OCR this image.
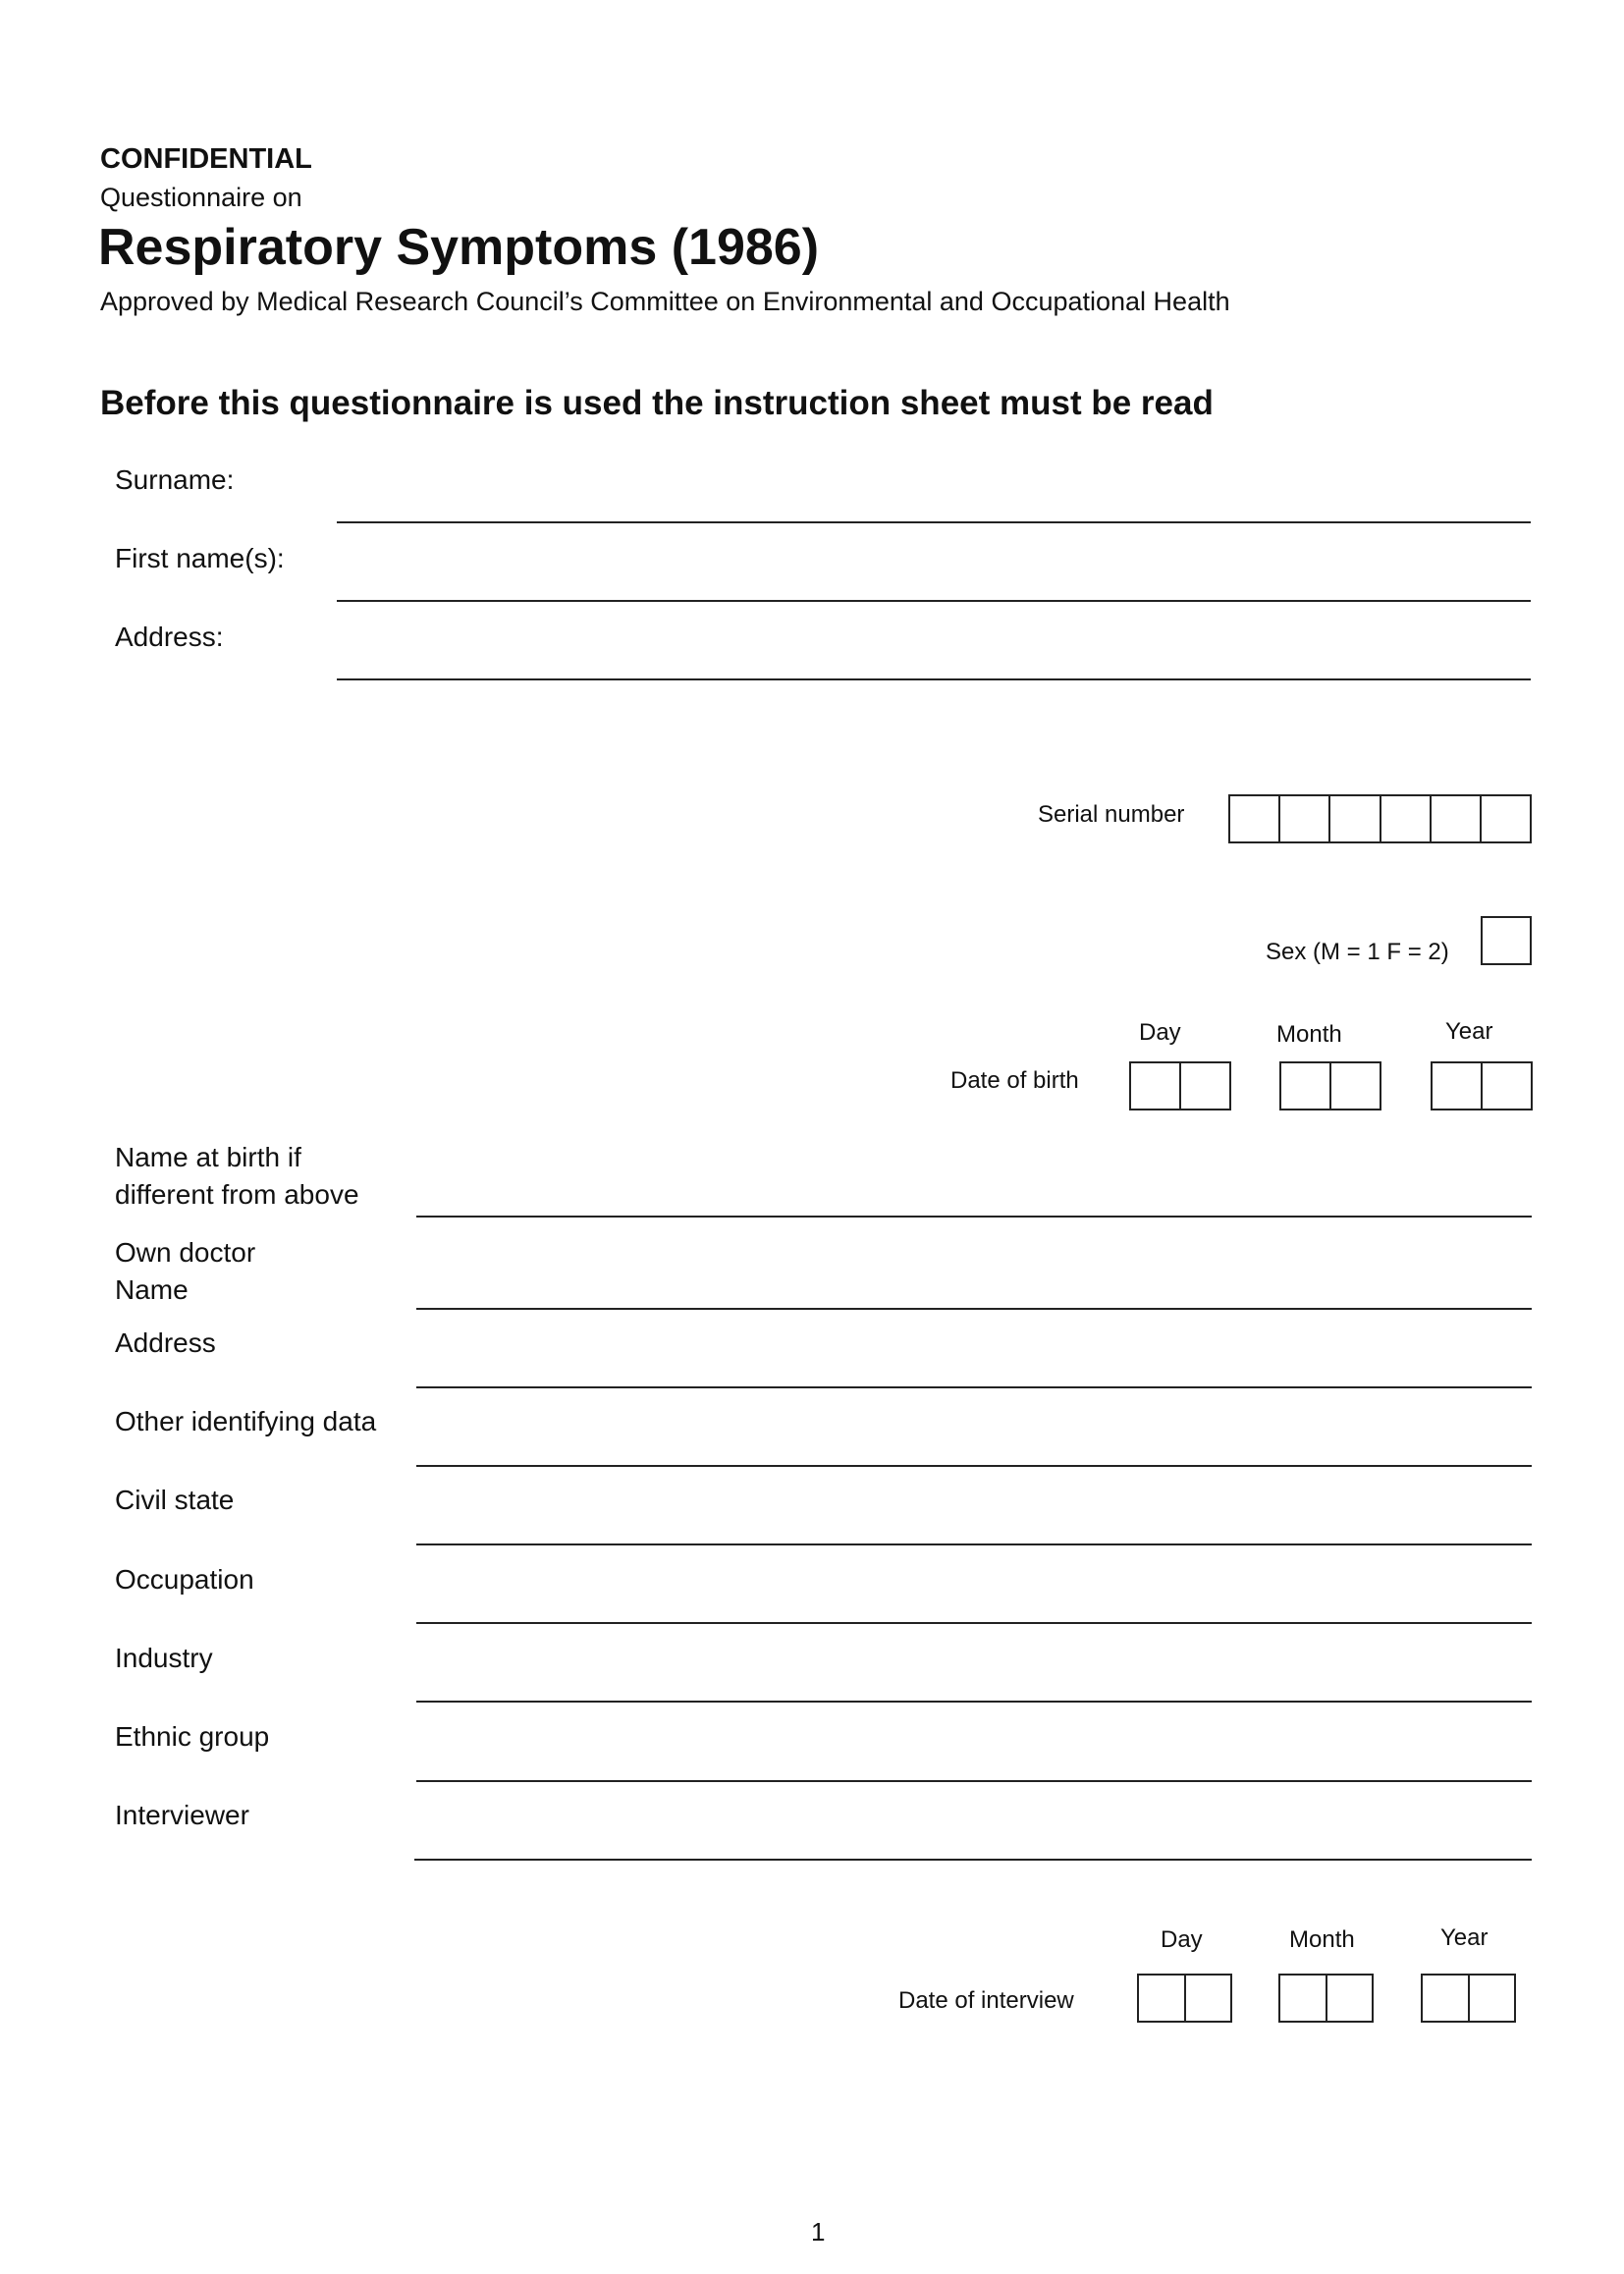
CONFIDENTIAL
Questionnaire on
Respiratory Symptoms (1986)
Approved by Medical Research Council’s Committee on Environmental and Occupational Health
Before this questionnaire is used the instruction sheet must be read
Surname:
First name(s):
Address:
Serial number
Sex (M = 1 F = 2)
Day	Month	Year
Date of birth
Name at birth if
different from above
Own doctor
Name
Address
Other identifying data
Civil state
Occupation
Industry
Ethnic group
Interviewer
Day	Month	Year
Date of interview
1
